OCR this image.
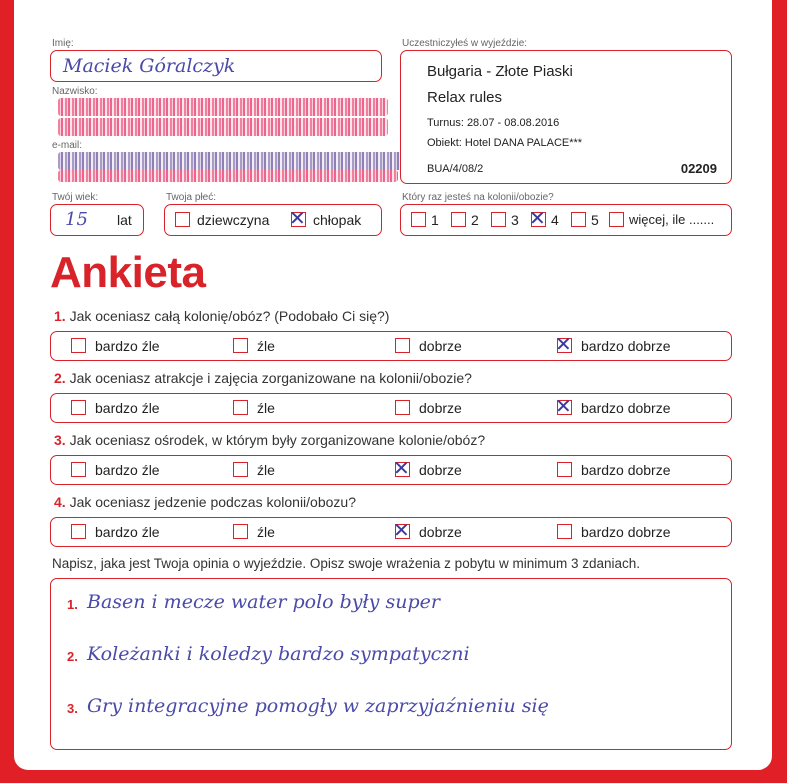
Imię:
Maciek Góralczyk
Nazwisko:
e-mail:
Twój wiek:
15 lat
Twoja płeć:
dziewczyna ✕ chłopak
Uczestniczyłeś w wyjeździe:
Bułgaria - Złote Piaski
Relax rules
Turnus: 28.07 - 08.08.2016
Obiekt: Hotel DANA PALACE***
BUA/4/08/2	02209
Który raz jesteś na kolonii/obozie?
1 2 3 ✕ 4 5 więcej, ile .......
Ankieta
1. Jak oceniasz całą kolonię/obóz? (Podobało Ci się?)
bardzo źle	źle	dobrze	✕ bardzo dobrze
2. Jak oceniasz atrakcje i zajęcia zorganizowane na kolonii/obozie?
bardzo źle	źle	dobrze	✕ bardzo dobrze
3. Jak oceniasz ośrodek, w którym były zorganizowane kolonie/obóz?
bardzo źle	źle	✕ dobrze	bardzo dobrze
4. Jak oceniasz jedzenie podczas kolonii/obozu?
bardzo źle	źle	✕ dobrze	bardzo dobrze
Napisz, jaka jest Twoja opinia o wyjeździe. Opisz swoje wrażenia z pobytu w minimum 3 zdaniach.
1. Basen i mecze water polo były super
2. Koleżanki i koledzy bardzo sympatyczni
3. Gry integracyjne pomogły w zaprzyjaźnieniu się
